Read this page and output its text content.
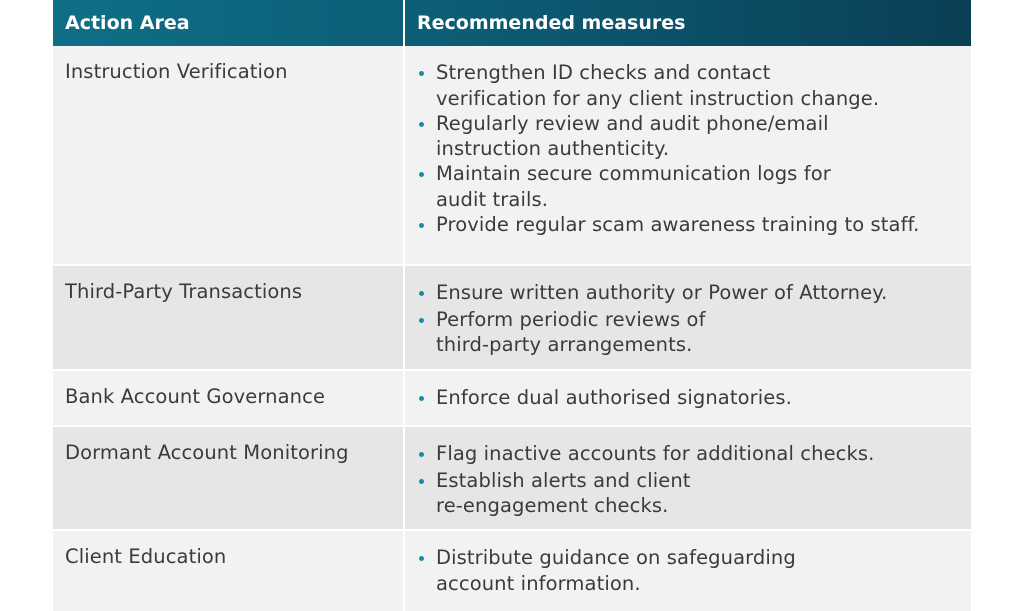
Action Area	Recommended measures
Instruction Verification	Strengthen ID checks and contact
verification for any client instruction change.
Regularly review and audit phone/email
instruction authenticity.
Maintain secure communication logs for
audit trails.
Provide regular scam awareness training to staff.
Third-Party Transactions	Ensure written authority or Power of Attorney.
Perform periodic reviews of
third-party arrangements.
Bank Account Governance	Enforce dual authorised signatories.
Dormant Account Monitoring	Flag inactive accounts for additional checks.
Establish alerts and client
re-engagement checks.
Client Education	Distribute guidance on safeguarding
account information.
